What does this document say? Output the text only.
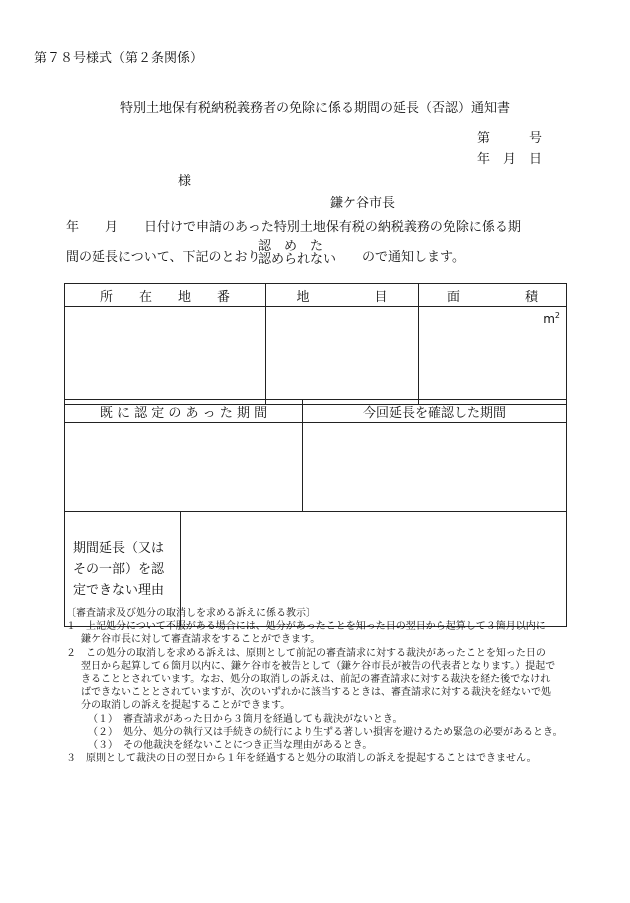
第７８号様式（第２条関係）
特別土地保有税納税義務者の免除に係る期間の延長（否認）通知書
第　　　号
年　月　日
様
鎌ケ谷市長
年　　月　　日付けで申請のあった特別土地保有税の納税義務の免除に係る期
間の延長について、下記のとおり
認　め　た
認められない ので通知します。
所　　在　　地　　番	地　　　　　目	面　　　　　積
		$m^2$
既 に 認 定 の あ っ た 期 間	今回延長を確認した期間

期間延長（又はその一部）を認定できない理由	
〔審査請求及び処分の取消しを求める訴えに係る教示〕
１　上記処分について不服がある場合には、処分があったことを知った日の翌日から起算して３箇月以内に
鎌ケ谷市長に対して審査請求をすることができます。
２　この処分の取消しを求める訴えは、原則として前記の審査請求に対する裁決があったことを知った日の
翌日から起算して６箇月以内に、鎌ケ谷市を被告として（鎌ケ谷市長が被告の代表者となります。）提起で
きることとされています。なお、処分の取消しの訴えは、前記の審査請求に対する裁決を経た後でなけれ
ばできないこととされていますが、次のいずれかに該当するときは、審査請求に対する裁決を経ないで処
分の取消しの訴えを提起することができます。
（１）　審査請求があった日から３箇月を経過しても裁決がないとき。
（２）　処分、処分の執行又は手続きの続行により生ずる著しい損害を避けるため緊急の必要があるとき。
（３）　その他裁決を経ないことにつき正当な理由があるとき。
３　原則として裁決の日の翌日から１年を経過すると処分の取消しの訴えを提起することはできません。
